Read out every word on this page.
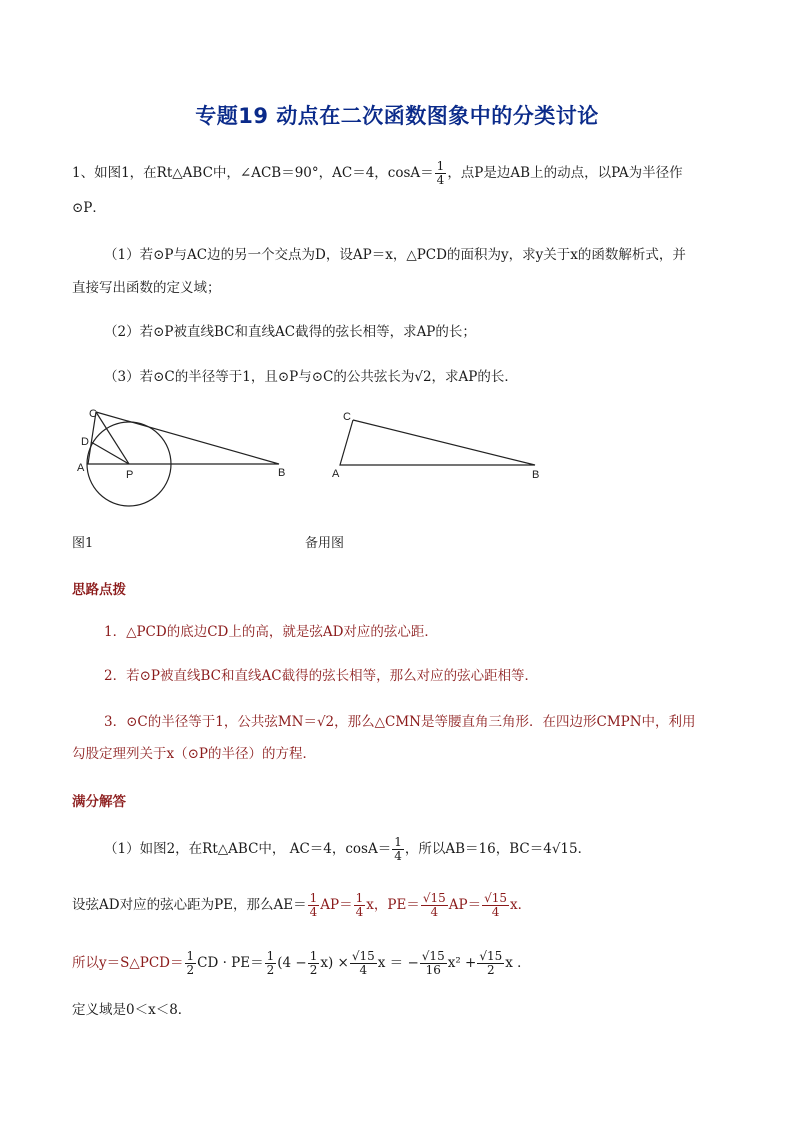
专题19 动点在二次函数图象中的分类讨论
1、如图1，在Rt△ABC中，∠ACB＝90°，AC＝4，$\cos A= \frac{1}{4}$ ，点P是边AB上的动点，以PA为半径作
⊙P．
（1）若⊙P与AC边的另一个交点为D，设AP＝x，△PCD的面积为y，求y关于x的函数解析式，并
直接写出函数的定义域；
（2）若⊙P被直线BC和直线AC截得的弦长相等，求AP的长；
（3）若⊙C的半径等于1，且⊙P与⊙C的公共弦长为√2，求AP的长．
C
D
A
P	B
C
A	B
图1	备用图
思路点拨
1．△PCD的底边CD上的高，就是弦AD对应的弦心距．
2．若⊙P被直线BC和直线AC截得的弦长相等，那么对应的弦心距相等．
3．⊙C的半径等于1，公共弦MN＝√2，那么△CMN是等腰直角三角形．在四边形CMPN中，利用
勾股定理列关于x（⊙P的半径）的方程．
满分解答
（1）如图2，在Rt△ABC中， AC＝4，$\cos A= \frac{1}{4}$ ，所以AB＝16，BC＝4√15．
设弦AD对应的弦心距为PE，那么$AE= \frac{1}{4} AP= \frac{1}{4}$ x，$PE= \frac{√15}{4} AP= \frac{√15}{4}$ x．
所以y＝S△PCD＝ $\frac{1}{2}$ CD · $PE= \frac{1}{2} (4 - \frac{1}{2} x) \times \frac{√15}{4}$ x ＝ − $\frac{√15}{16} x^2 + \frac{√15}{2}$ x ．
定义域是0＜x＜8．
